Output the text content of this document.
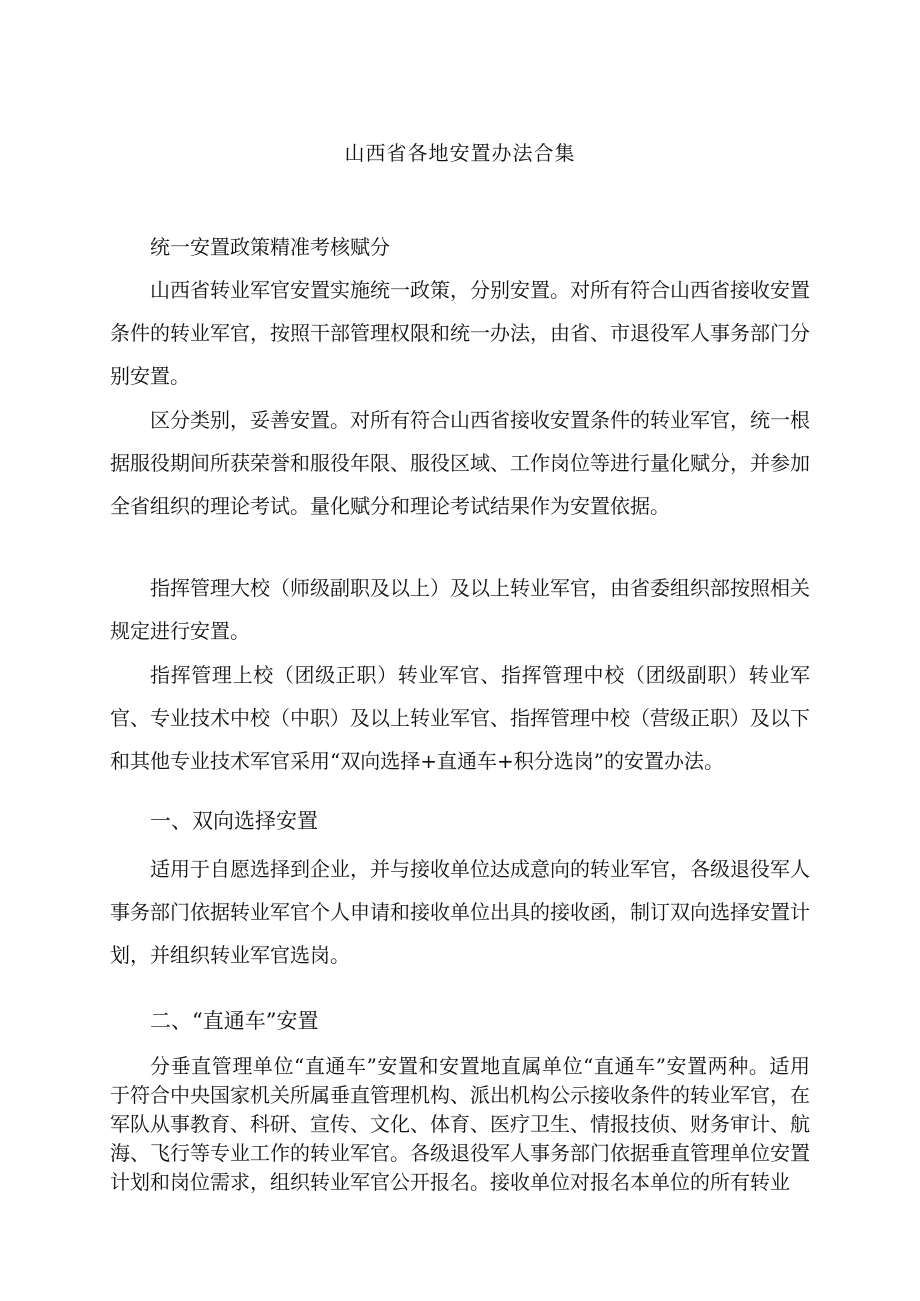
山西省各地安置办法合集

统一安置政策精准考核赋分

山西省转业军官安置实施统一政策，分别安置。对所有符合山西省接收安置条件的转业军官，按照干部管理权限和统一办法，由省、市退役军人事务部门分别安置。

区分类别，妥善安置。对所有符合山西省接收安置条件的转业军官，统一根据服役期间所获荣誉和服役年限、服役区域、工作岗位等进行量化赋分，并参加全省组织的理论考试。量化赋分和理论考试结果作为安置依据。

指挥管理大校（师级副职及以上）及以上转业军官，由省委组织部按照相关规定进行安置。

指挥管理上校（团级正职）转业军官、指挥管理中校（团级副职）转业军官、专业技术中校（中职）及以上转业军官、指挥管理中校（营级正职）及以下和其他专业技术军官采用“双向选择+直通车+积分选岗”的安置办法。

一、双向选择安置

适用于自愿选择到企业，并与接收单位达成意向的转业军官，各级退役军人事务部门依据转业军官个人申请和接收单位出具的接收函，制订双向选择安置计划，并组织转业军官选岗。

二、“直通车”安置

分垂直管理单位“直通车”安置和安置地直属单位“直通车”安置两种。适用于符合中央国家机关所属垂直管理机构、派出机构公示接收条件的转业军官，在军队从事教育、科研、宣传、文化、体育、医疗卫生、情报技侦、财务审计、航海、飞行等专业工作的转业军官。各级退役军人事务部门依据垂直管理单位安置计划和岗位需求，组织转业军官公开报名。接收单位对报名本单位的所有转业
